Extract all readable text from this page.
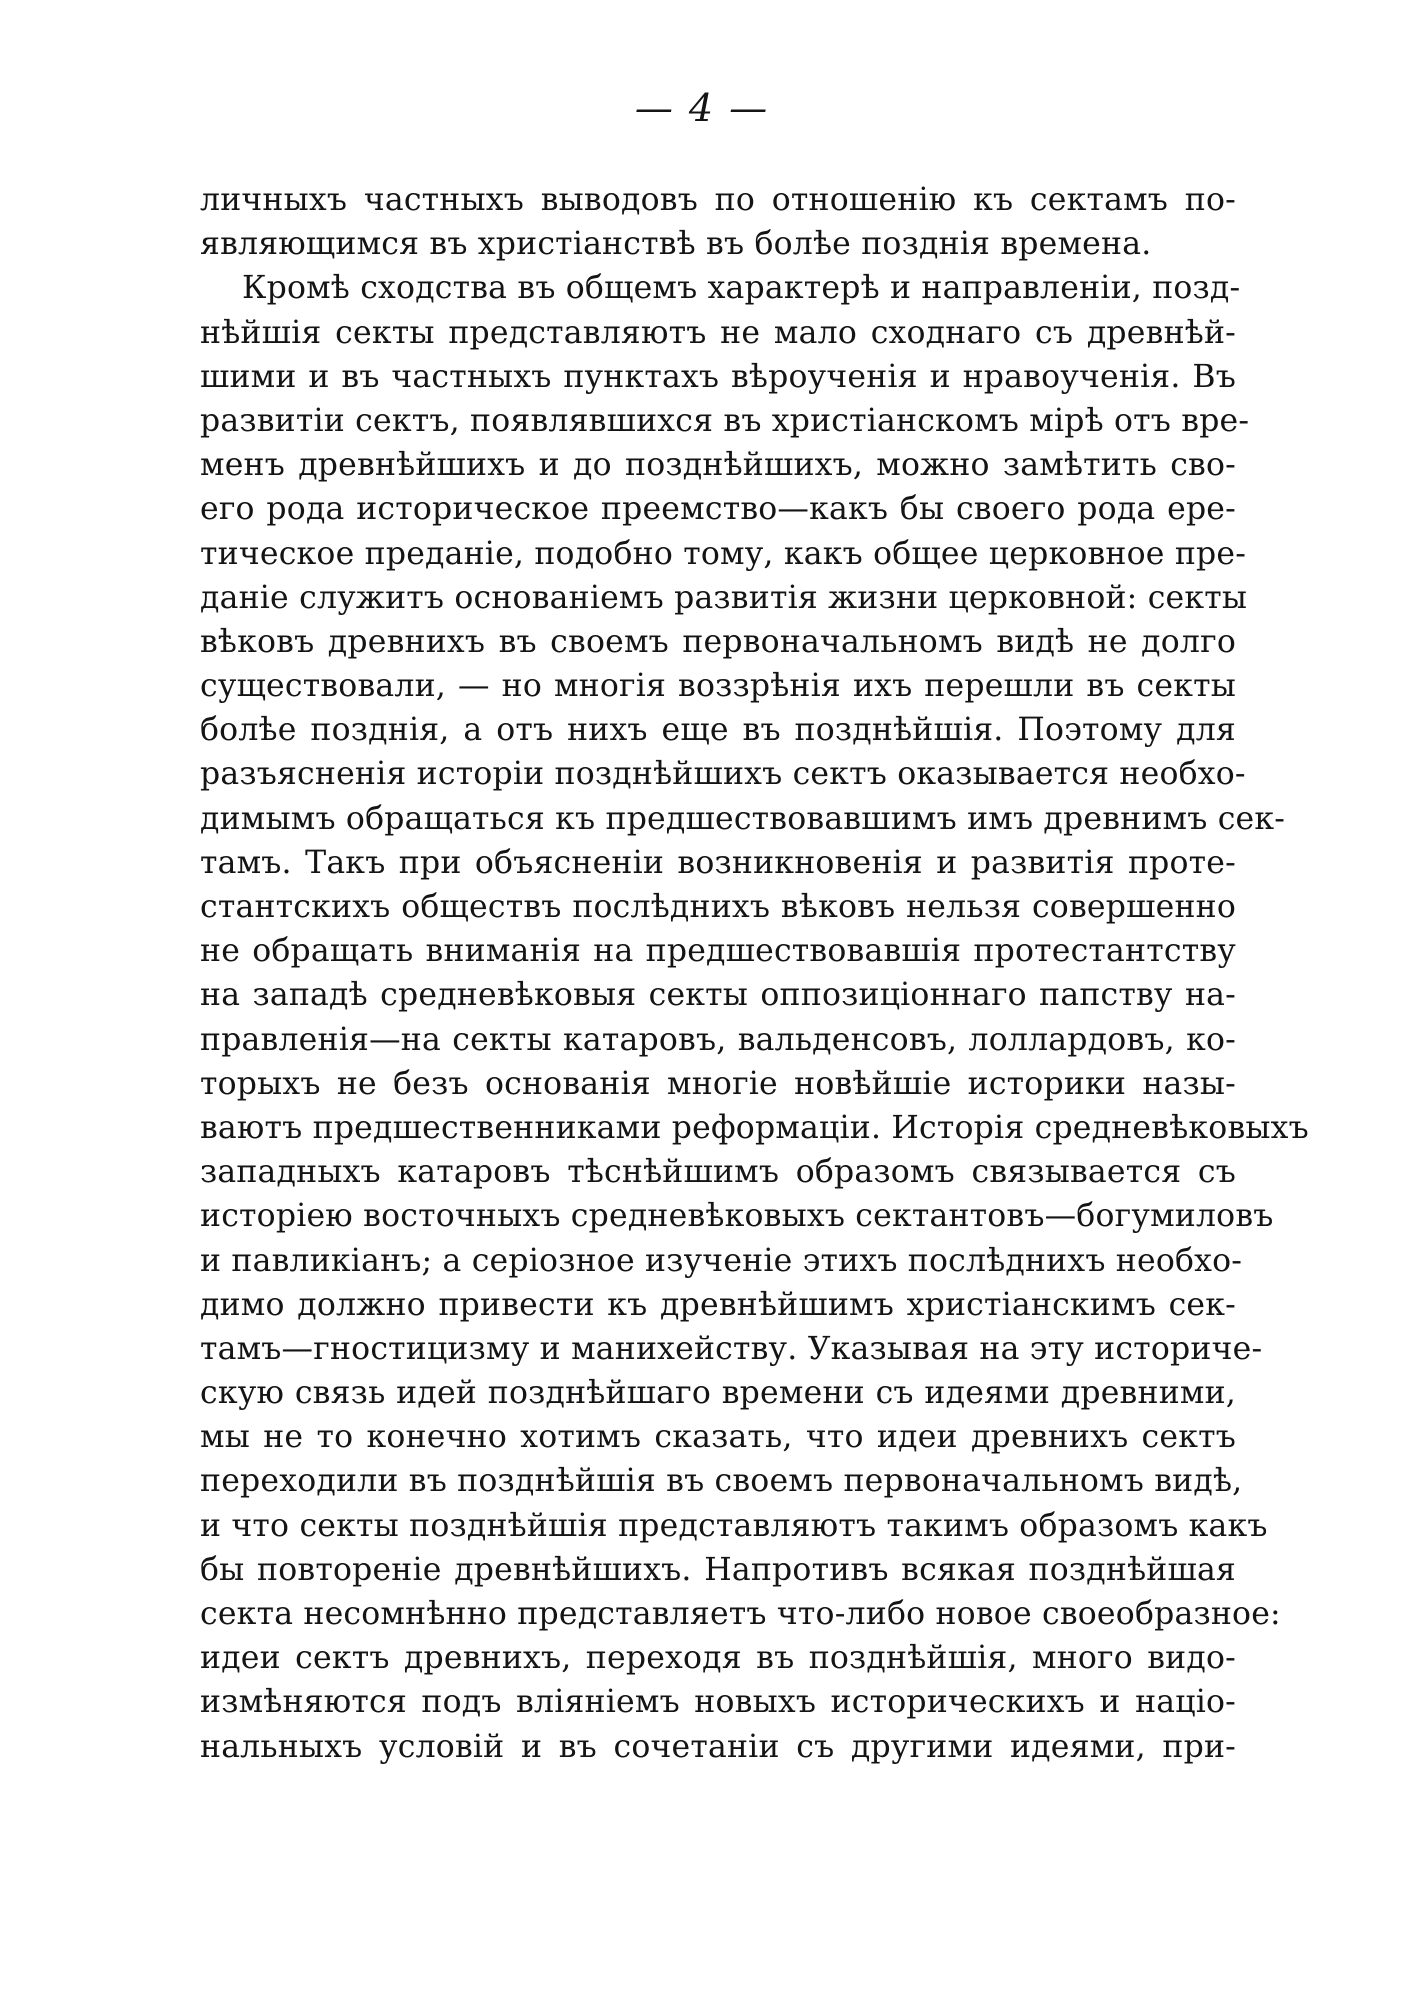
— 4 —
личныхъ частныхъ выводовъ по отношенію къ сектамъ по-
являющимся въ христіанствѣ въ болѣе позднія времена.
Кромѣ сходства въ общемъ характерѣ и направленіи, позд-
нѣйшія секты представляютъ не мало сходнаго съ древнѣй-
шими и въ частныхъ пунктахъ вѣроученія и нравоученія. Въ
развитіи сектъ, появлявшихся въ христіанскомъ мірѣ отъ вре-
менъ древнѣйшихъ и до позднѣйшихъ, можно замѣтить сво-
его рода историческое преемство—какъ бы своего рода ере-
тическое преданіе, подобно тому, какъ общее церковное пре-
даніе служитъ основаніемъ развитія жизни церковной: секты
вѣковъ древнихъ въ своемъ первоначальномъ видѣ не долго
существовали, — но многія воззрѣнія ихъ перешли въ секты
болѣе позднія, а отъ нихъ еще въ позднѣйшія. Поэтому для
разъясненія исторіи позднѣйшихъ сектъ оказывается необхо-
димымъ обращаться къ предшествовавшимъ имъ древнимъ сек-
тамъ. Такъ при объясненіи возникновенія и развитія проте-
стантскихъ обществъ послѣднихъ вѣковъ нельзя совершенно
не обращать вниманія на предшествовавшія протестантству
на западѣ средневѣковыя секты оппозиціоннаго папству на-
правленія—на секты катаровъ, вальденсовъ, лоллардовъ, ко-
торыхъ не безъ основанія многіе новѣйшіе историки назы-
ваютъ предшественниками реформаціи. Исторія средневѣковыхъ
западныхъ катаровъ тѣснѣйшимъ образомъ связывается съ
исторіею восточныхъ средневѣковыхъ сектантовъ—богумиловъ
и павликіанъ; а серіозное изученіе этихъ послѣднихъ необхо-
димо должно привести къ древнѣйшимъ христіанскимъ сек-
тамъ—гностицизму и манихейству. Указывая на эту историче-
скую связь идей позднѣйшаго времени съ идеями древними,
мы не то конечно хотимъ сказать, что идеи древнихъ сектъ
переходили въ позднѣйшія въ своемъ первоначальномъ видѣ,
и что секты позднѣйшія представляютъ такимъ образомъ какъ
бы повтореніе древнѣйшихъ. Напротивъ всякая позднѣйшая
секта несомнѣнно представляетъ что-либо новое своеобразное:
идеи сектъ древнихъ, переходя въ позднѣйшія, много видо-
измѣняются подъ вліяніемъ новыхъ историческихъ и націо-
нальныхъ условій и въ сочетаніи съ другими идеями, при-
